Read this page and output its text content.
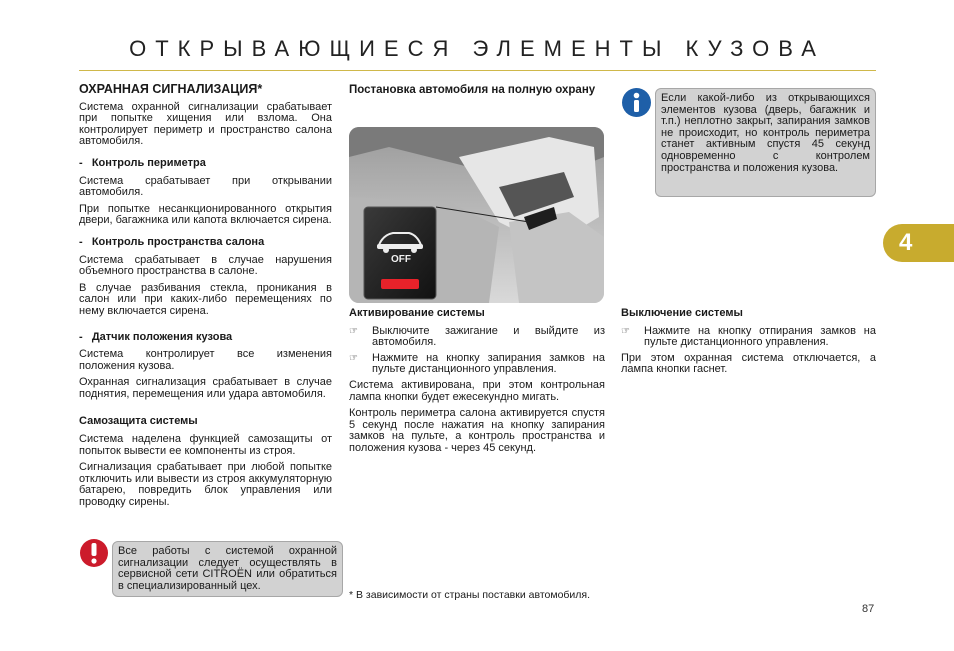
ОТКРЫВАЮЩИЕСЯ ЭЛЕМЕНТЫ КУЗОВА
4
ОХРАННАЯ СИГНАЛИЗАЦИЯ*

Система охранной сигнализации срабатывает при попытке хищения или взлома. Она контролирует периметр и пространство салона автомобиля.

-   Контроль периметра

Система срабатывает при открывании автомобиля.

При попытке несанкционированного открытия двери, багажника или капота включается сирена.

-   Контроль пространства салона

Система срабатывает в случае нарушения объемного пространства в салоне.

В случае разбивания стекла, проникания в салон или при каких-либо перемещениях по нему включается сирена.

-   Датчик положения кузова

Система контролирует все изменения положения кузова.

Охранная сигнализация срабатывает в случае поднятия, перемещения или удара автомобиля.

Самозащита системы

Система наделена функцией самозащиты от попыток вывести ее компоненты из строя.

Сигнализация срабатывает при любой попытке отключить или вывести из строя аккумуляторную батарею, повредить блок управления или проводку сирены.

Все работы с системой охранной сигнализации следует осуществлять в сервисной сети CITROËN или обратиться в специализированный цех.
Постановка автомобиля на полную охрану
OFF
Активирование системы
☞	Выключите зажигание и выйдите из автомобиля.
☞	Нажмите на кнопку запирания замков на пульте дистанционного управления.

Система активирована, при этом контрольная лампа кнопки будет ежесекундно мигать.

Контроль периметра салона активируется спустя 5 секунд после нажатия на кнопку запирания замков на пульте, а контроль пространства и положения кузова - через 45 секунд.

* В зависимости от страны поставки автомобиля.
Если какой-либо из открывающихся элементов кузова (дверь, багажник и т.п.) неплотно закрыт, запирания замков не происходит, но контроль периметра станет активным спустя 45 секунд одновременно с контролем пространства и положения кузова.
Выключение системы
☞	Нажмите на кнопку отпирания замков на пульте дистанционного управления.

При этом охранная система отключается, а лампа кнопки гаснет.

87
